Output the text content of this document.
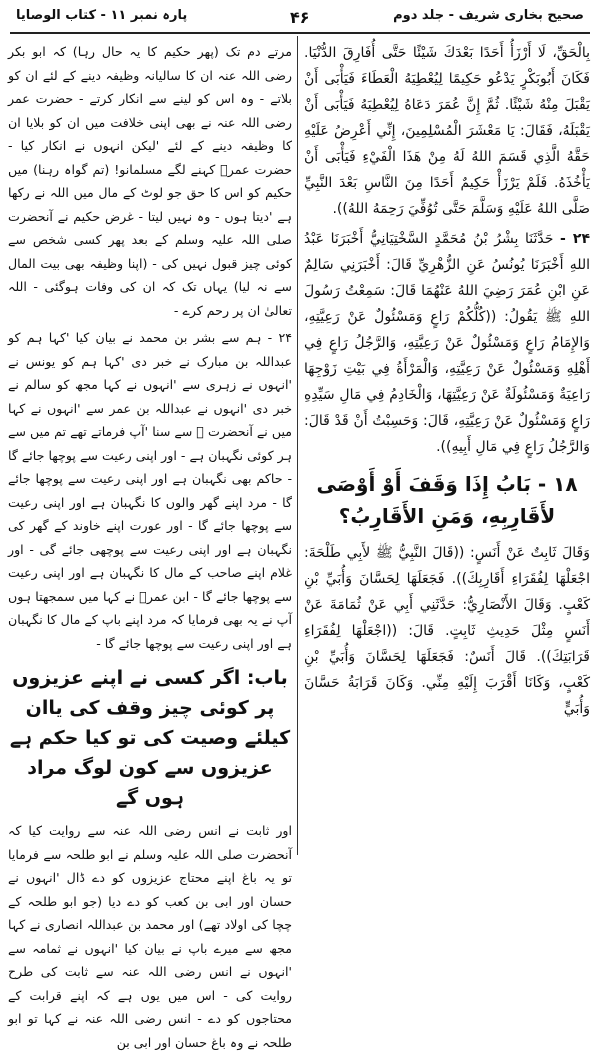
صحیح بخاری شریف - جلد دوم
۴۶
پارہ نمبر ۱۱ - کتاب الوصایا

بِالْحَقِّ، لَا أَرْزَأُ أَحَدًا بَعْدَكَ شَيْئًا حَتَّى أُفَارِقَ الدُّنْيَا. فَكَانَ أَبُوبَكْرٍ يَدْعُو حَكِيمًا لِيُعْطِيَهُ الْعَطَاءَ فَيَأْبَى أَنْ يَقْبَلَ مِنْهُ شَيْئًا. ثُمَّ إِنَّ عُمَرَ دَعَاهُ لِيُعْطِيَهُ فَيَأْبَى أَنْ يَقْبَلَهُ، فَقَالَ: يَا مَعْشَرَ الْمُسْلِمِينَ، إِنِّي أَعْرِضُ عَلَيْهِ حَقَّهُ الَّذِي قَسَمَ اللهُ لَهُ مِنْ هَذَا الْفَيْءِ فَيَأْبَى أَنْ يَأْخُذَهُ. فَلَمْ يَرْزَأْ حَكِيمٌ أَحَدًا مِنَ النَّاسِ بَعْدَ النَّبِيِّ صَلَّى اللهُ عَلَيْهِ وَسَلَّمَ حَتَّى تُوُفِّيَ رَحِمَهُ اللهُ)).

۲۴ - حَدَّثَنَا بِشْرُ بْنُ مُحَمَّدٍ السَّخْتِيَانِيُّ أَخْبَرَنَا عَبْدُ اللهِ أَخْبَرَنَا يُونُسُ عَنِ الزُّهْرِيِّ قَالَ: أَخْبَرَنِي سَالِمٌ عَنِ ابْنِ عُمَرَ رَضِيَ اللهُ عَنْهُمَا قَالَ: سَمِعْتُ رَسُولَ اللهِ ﷺ يَقُولُ: ((كُلُّكُمْ رَاعٍ وَمَسْئُولٌ عَنْ رَعِيَّتِهِ، وَالإِمَامُ رَاعٍ وَمَسْئُولٌ عَنْ رَعِيَّتِهِ، وَالرَّجُلُ رَاعٍ فِي أَهْلِهِ وَمَسْئُولٌ عَنْ رَعِيَّتِهِ، وَالْمَرْأَةُ فِي بَيْتِ زَوْجِهَا رَاعِيَةٌ وَمَسْئُولَةٌ عَنْ رَعِيَّتِهَا، وَالْخَادِمُ فِي مَالِ سَيِّدِهِ رَاعٍ وَمَسْئُولٌ عَنْ رَعِيَّتِهِ، قَالَ: وَحَسِبْتُ أَنْ قَدْ قَالَ: وَالرَّجُلُ رَاعٍ فِي مَالِ أَبِيهِ)).

١٨ - بَابُ إِذَا وَقَفَ أَوْ أَوْصَى لأَقَارِبِهِ، وَمَنِ الأَقَارِبُ؟

وَقَالَ ثَابِتٌ عَنْ أَنَسٍ: ((قَالَ النَّبِيُّ ﷺ لأَبِي طَلْحَةَ: اجْعَلْهَا لِفُقَرَاءِ أَقَارِبِكَ)). فَجَعَلَهَا لِحَسَّانَ وَأُبَيِّ بْنِ كَعْبٍ. وَقَالَ الأَنْصَارِيُّ: حَدَّثَنِي أَبِي عَنْ ثُمَامَةَ عَنْ أَنَسٍ مِثْلَ حَدِيثِ ثَابِتٍ. قَالَ: ((اجْعَلْهَا لِفُقَرَاءِ قَرَابَتِكَ)). قَالَ أَنَسٌ: فَجَعَلَهَا لِحَسَّانَ وَأُبَيِّ بْنِ كَعْبٍ، وَكَانَا أَقْرَبَ إِلَيْهِ مِنِّي. وَكَانَ قَرَابَةُ حَسَّانَ وَأُبَيٍّ

مرتے دم تک (پھر حکیم کا یہ حال رہا) کہ ابو بکر رضی اللہ عنہ ان کا سالیانہ وظیفہ دینے کے لئے ان کو بلاتے - وہ اس کو لینے سے انکار کرتے - حضرت عمر رضی اللہ عنہ نے بھی اپنی خلافت میں ان کو بلایا ان کا وظیفہ دینے کے لئے 'لیکن انہوں نے انکار کیا - حضرت عمرؓ کہنے لگے مسلمانو! (تم گواہ رہنا) میں حکیم کو اس کا حق جو لوٹ کے مال میں اللہ نے رکھا ہے 'دیتا ہوں - وہ نہیں لیتا - غرض حکیم نے آنحضرت صلی اللہ علیہ وسلم کے بعد پھر کسی شخص سے کوئی چیز قبول نہیں کی - (اپنا وظیفہ بھی بیت المال سے نہ لیا) یہاں تک کہ ان کی وفات ہوگئی - اللہ تعالیٰ ان پر رحم کرے -

۲۴ - ہم سے بشر بن محمد نے بیان کیا 'کہا ہم کو عبداللہ بن مبارک نے خبر دی 'کہا ہم کو یونس نے 'انہوں نے زہری سے 'انہوں نے کہا مجھ کو سالم نے خبر دی 'انہوں نے عبداللہ بن عمر سے 'انہوں نے کہا میں نے آنحضرت ﷺ سے سنا 'آپ فرماتے تھے تم میں سے ہر کوئی نگہبان ہے - اور اپنی رعیت سے پوچھا جائے گا - حاکم بھی نگہبان ہے اور اپنی رعیت سے پوچھا جائے گا - مرد اپنے گھر والوں کا نگہبان ہے اور اپنی رعیت سے پوچھا جائے گا - اور عورت اپنے خاوند کے گھر کی نگہبان ہے اور اپنی رعیت سے پوچھی جائے گی - اور غلام اپنے صاحب کے مال کا نگہبان ہے اور اپنی رعیت سے پوچھا جائے گا - ابن عمرؓ نے کہا میں سمجھتا ہوں آپ نے یہ بھی فرمایا کہ مرد اپنے باپ کے مال کا نگہبان ہے اور اپنی رعیت سے پوچھا جائے گا -

باب: اگر کسی نے اپنے عزیزوں پر کوئی چیز وقف کی یاان کیلئے وصیت کی تو کیا حکم ہے عزیزوں سے کون لوگ مراد ہوں گے

اور ثابت نے انس رضی اللہ عنہ سے روایت کیا کہ آنحضرت صلی اللہ علیہ وسلم نے ابو طلحہ سے فرمایا تو یہ باغ اپنے محتاج عزیزوں کو دے ڈال 'انہوں نے حسان اور ابی بن کعب کو دے دیا (جو ابو طلحہ کے چچا کی اولاد تھے) اور محمد بن عبداللہ انصاری نے کہا مجھ سے میرے باپ نے بیان کیا 'انہوں نے ثمامہ سے 'انہوں نے انس رضی اللہ عنہ سے ثابت کی طرح روایت کی - اس میں یوں ہے کہ اپنے قرابت کے محتاجوں کو دے - انس رضی اللہ عنہ نے کہا تو ابو طلحہ نے وہ باغ حسان اور ابی بن
